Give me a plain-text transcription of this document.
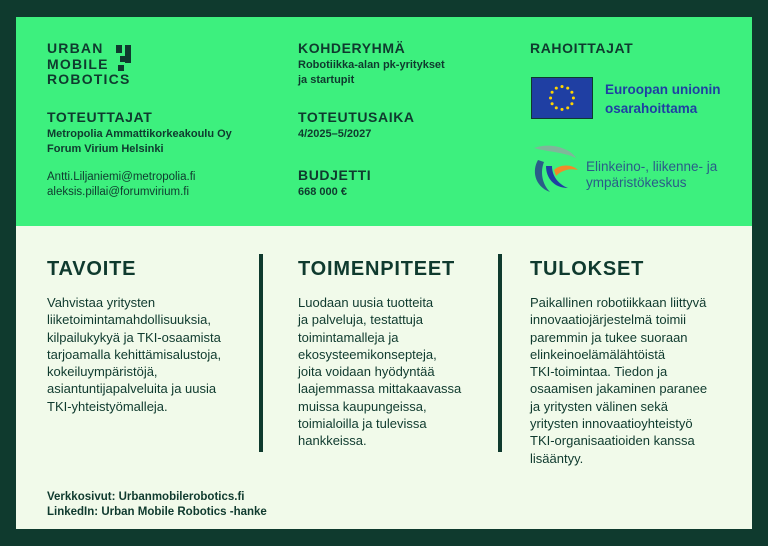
URBAN
MOBILE
ROBOTICS
TOTEUTTAJAT
Metropolia Ammattikorkeakoulu Oy
Forum Virium Helsinki
Antti.Liljaniemi@metropolia.fi
aleksis.pillai@forumvirium.fi
KOHDERYHMÄ
Robotiikka-alan pk-yritykset
ja startupit
TOTEUTUSAIKA
4/2025–5/2027
BUDJETTI
668 000 €
RAHOITTAJAT
Euroopan unionin
osarahoittama
Elinkeino-, liikenne- ja
ympäristökeskus
TAVOITE
Vahvistaa yritysten
liiketoimintamahdollisuuksia,
kilpailukykyä ja TKI-osaamista
tarjoamalla kehittämisalustoja,
kokeiluympäristöjä,
asiantuntijapalveluita ja uusia
TKI-yhteistyömalleja.
TOIMENPITEET
Luodaan uusia tuotteita
ja palveluja, testattuja
toimintamalleja ja
ekosysteemikonsepteja,
joita voidaan hyödyntää
laajemmassa mittakaavassa
muissa kaupungeissa,
toimialoilla ja tulevissa
hankkeissa.
TULOKSET
Paikallinen robotiikkaan liittyvä
innovaatiojärjestelmä toimii
paremmin ja tukee suoraan
elinkeinoelämälähtöistä
TKI-toimintaa. Tiedon ja
osaamisen jakaminen paranee
ja yritysten välinen sekä
yritysten innovaatioyhteistyö
TKI-organisaatioiden kanssa
lisääntyy.
Verkkosivut: Urbanmobilerobotics.fi
LinkedIn: Urban Mobile Robotics -hanke
